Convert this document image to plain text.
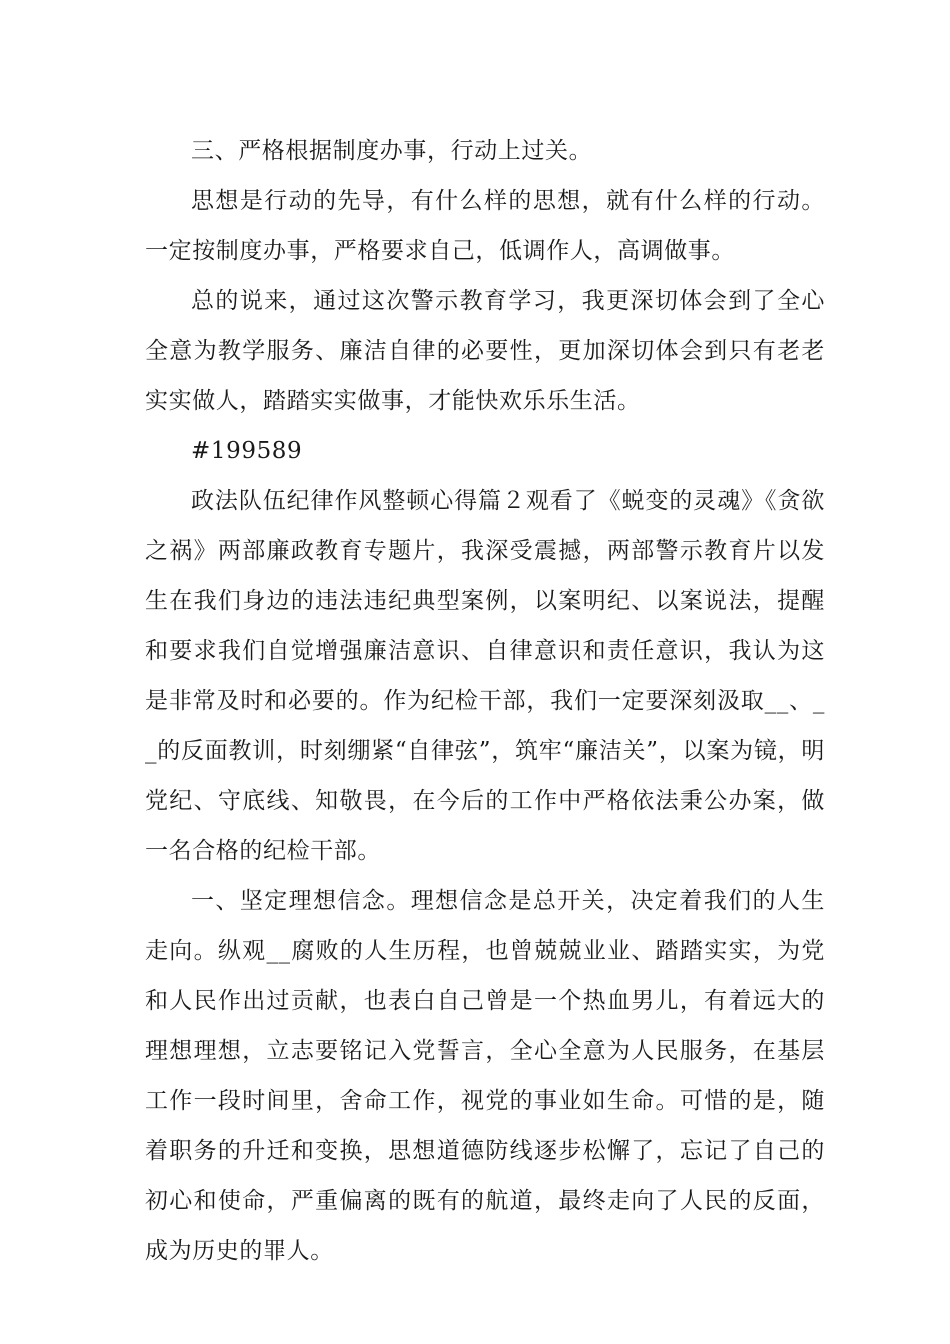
三、严格根据制度办事，行动上过关。

思想是行动的先导，有什么样的思想，就有什么样的行动。一定按制度办事，严格要求自己，低调作人，高调做事。

总的说来，通过这次警示教育学习，我更深切体会到了全心全意为教学服务、廉洁自律的必要性，更加深切体会到只有老老实实做人，踏踏实实做事，才能快欢乐乐生活。

#199589

政法队伍纪律作风整顿心得篇２观看了《蜕变的灵魂》《贪欲之祸》两部廉政教育专题片，我深受震撼，两部警示教育片以发生在我们身边的违法违纪典型案例，以案明纪、以案说法，提醒和要求我们自觉增强廉洁意识、自律意识和责任意识，我认为这是非常及时和必要的。作为纪检干部，我们一定要深刻汲取__、__的反面教训，时刻绷紧“自律弦”，筑牢“廉洁关”，以案为镜，明党纪、守底线、知敬畏，在今后的工作中严格依法秉公办案，做一名合格的纪检干部。

一、坚定理想信念。理想信念是总开关，决定着我们的人生走向。纵观__腐败的人生历程，也曾兢兢业业、踏踏实实，为党和人民作出过贡献，也表白自己曾是一个热血男儿，有着远大的理想理想，立志要铭记入党誓言，全心全意为人民服务，在基层工作一段时间里，舍命工作，视党的事业如生命。可惜的是，随着职务的升迁和变换，思想道德防线逐步松懈了，忘记了自己的初心和使命，严重偏离的既有的航道，最终走向了人民的反面，成为历史的罪人。
